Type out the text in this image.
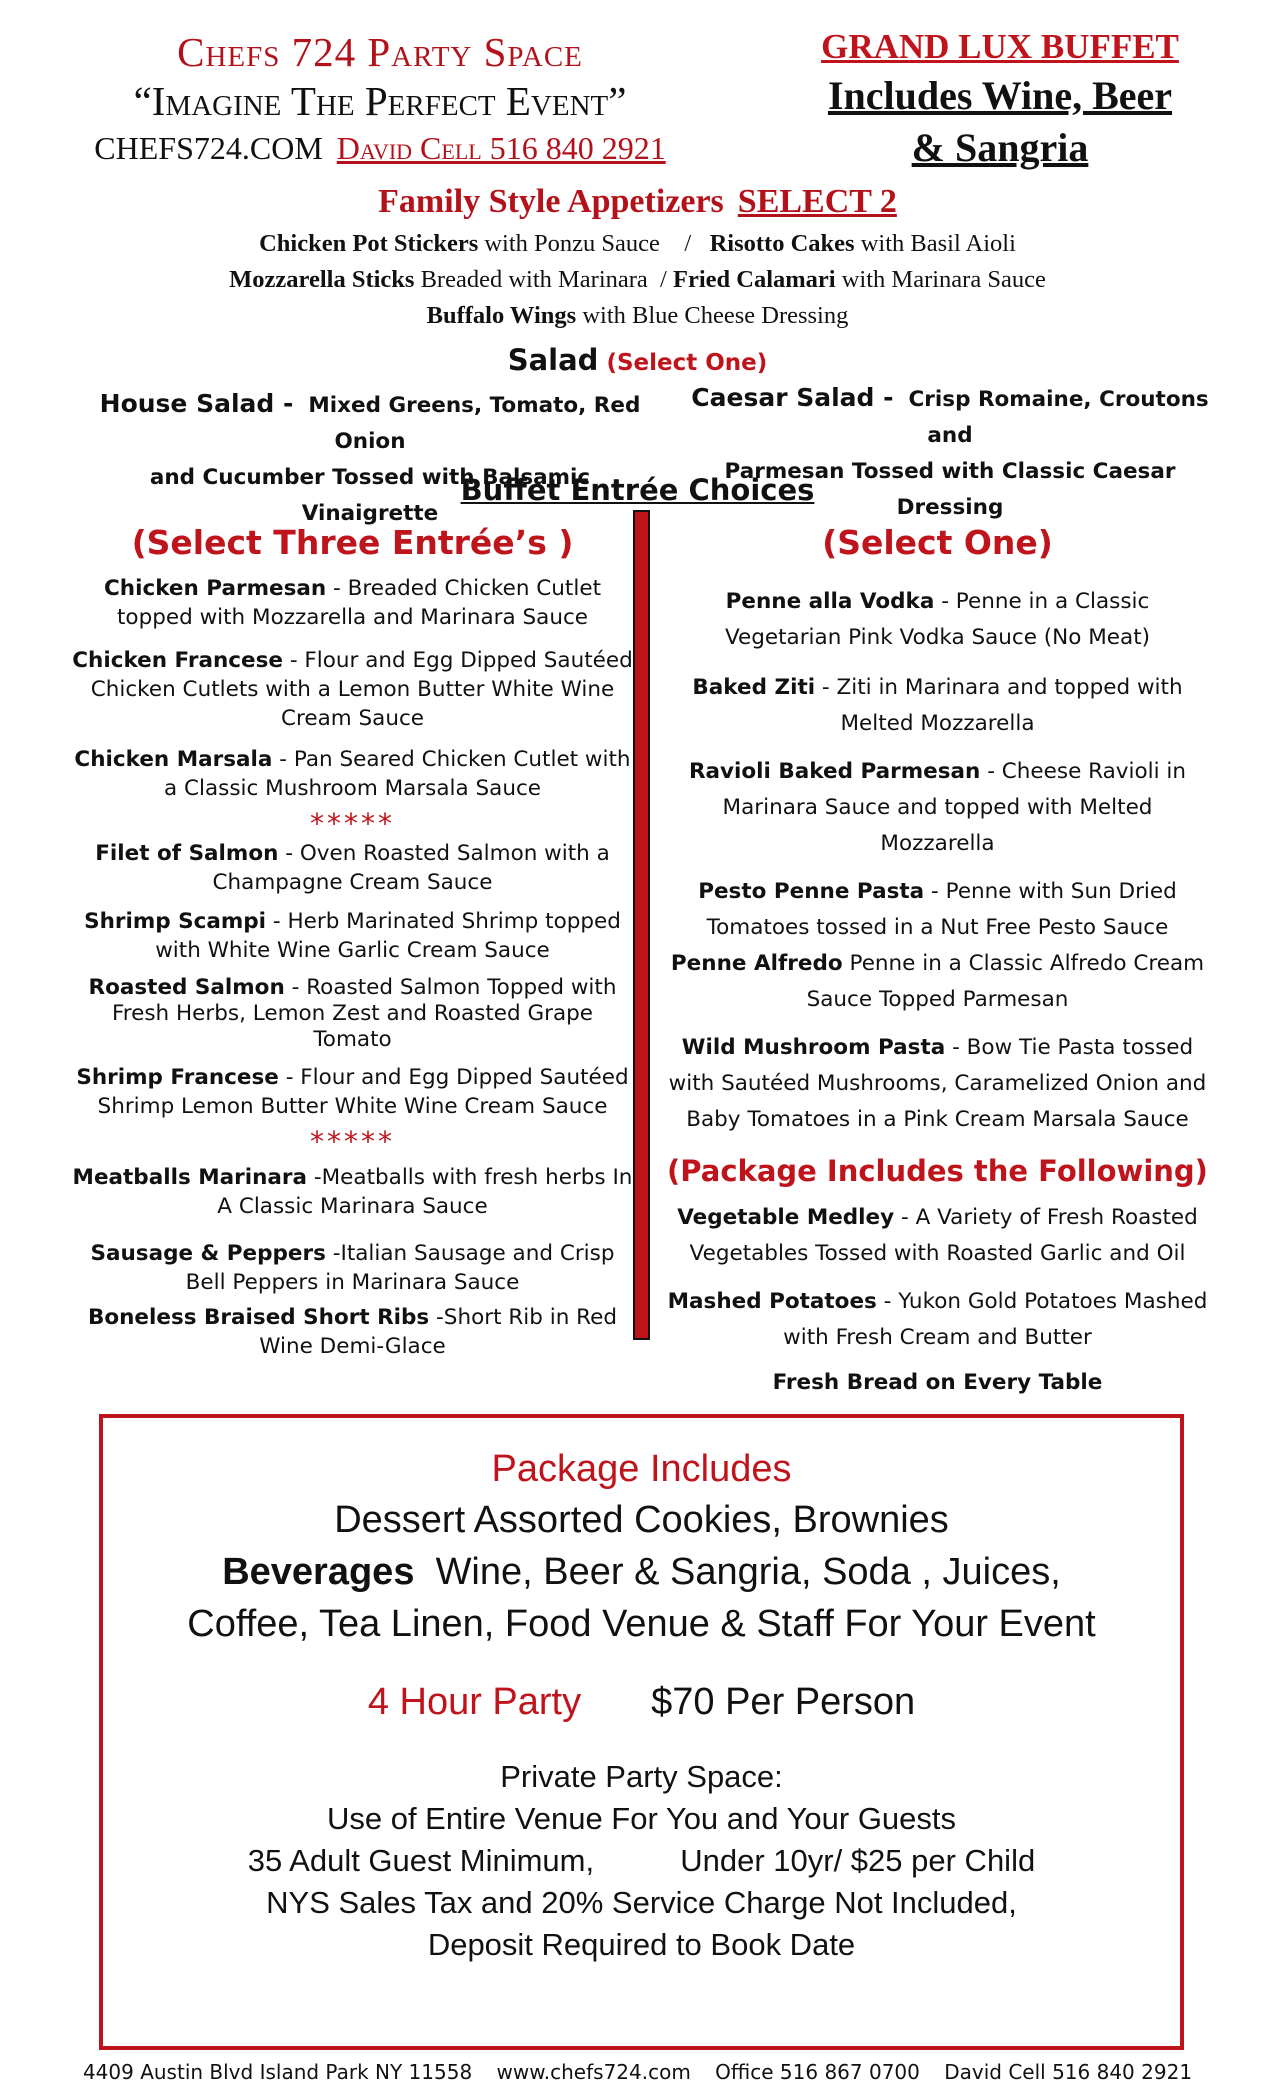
Chefs 724 Party Space
“Imagine The Perfect Event”
CHEFS724.COM David Cell 516 840 2921
GRAND LUX BUFFET
Includes Wine, Beer
& Sangria
Family Style Appetizers SELECT 2
Chicken Pot Stickers with Ponzu Sauce    /   Risotto Cakes with Basil Aioli
Mozzarella Sticks Breaded with Marinara  / Fried Calamari with Marinara Sauce
Buffalo Wings with Blue Cheese Dressing
Salad (Select One)
House Salad - Mixed Greens, Tomato, Red Onion
and Cucumber Tossed with Balsamic Vinaigrette
Caesar Salad - Crisp Romaine, Croutons and
Parmesan Tossed with Classic Caesar Dressing
Buffet Entrée Choices
(Select Three Entrée’s )
Chicken Parmesan - Breaded Chicken Cutlet topped with Mozzarella and Marinara Sauce
Chicken Francese - Flour and Egg Dipped Sautéed Chicken Cutlets with a Lemon Butter White Wine Cream Sauce
Chicken Marsala - Pan Seared Chicken Cutlet with a Classic Mushroom Marsala Sauce
*****
Filet of Salmon - Oven Roasted Salmon with a Champagne Cream Sauce
Shrimp Scampi - Herb Marinated Shrimp topped with White Wine Garlic Cream Sauce
Roasted Salmon - Roasted Salmon Topped with Fresh Herbs, Lemon Zest and Roasted Grape Tomato
Shrimp Francese - Flour and Egg Dipped Sautéed Shrimp Lemon Butter White Wine Cream Sauce
*****
Meatballs Marinara -Meatballs with fresh herbs In A Classic Marinara Sauce
Sausage & Peppers -Italian Sausage and Crisp Bell Peppers in Marinara Sauce
Boneless Braised Short Ribs -Short Rib in Red Wine Demi-Glace
(Select One)
Penne alla Vodka - Penne in a Classic Vegetarian Pink Vodka Sauce (No Meat)
Baked Ziti - Ziti in Marinara and topped with Melted Mozzarella
Ravioli Baked Parmesan - Cheese Ravioli in Marinara Sauce and topped with Melted Mozzarella
Pesto Penne Pasta - Penne with Sun Dried Tomatoes tossed in a Nut Free Pesto Sauce
Penne Alfredo Penne in a Classic Alfredo Cream Sauce Topped Parmesan
Wild Mushroom Pasta - Bow Tie Pasta tossed with Sautéed Mushrooms, Caramelized Onion and Baby Tomatoes in a Pink Cream Marsala Sauce
(Package Includes the Following)
Vegetable Medley - A Variety of Fresh Roasted Vegetables Tossed with Roasted Garlic and Oil
Mashed Potatoes - Yukon Gold Potatoes Mashed with Fresh Cream and Butter
Fresh Bread on Every Table
Package Includes
Dessert Assorted Cookies, Brownies
Beverages  Wine, Beer & Sangria, Soda , Juices,
Coffee, Tea Linen, Food Venue & Staff For Your Event
4 Hour Party $70 Per Person
Private Party Space:
Use of Entire Venue For You and Your Guests
35 Adult Guest Minimum,          Under 10yr/ $25 per Child
NYS Sales Tax and 20% Service Charge Not Included,
Deposit Required to Book Date
4409 Austin Blvd Island Park NY 11558 www.chefs724.com Office 516 867 0700 David Cell 516 840 2921
